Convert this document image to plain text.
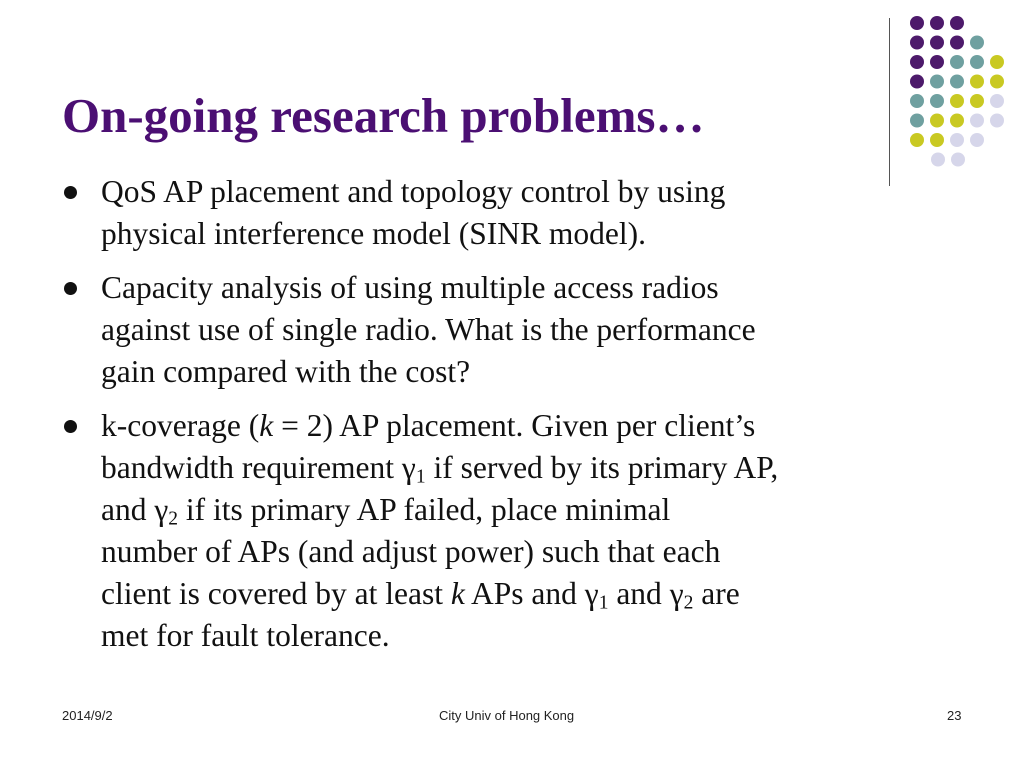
On-going research problems…
QoS AP placement and topology control by using
physical interference model (SINR model).
Capacity analysis of using multiple access radios
against use of single radio. What is the performance
gain compared with the cost?
k-coverage (k = 2) AP placement. Given per client’s
bandwidth requirement $\gamma_1$ if served by its primary AP,
and $\gamma_2$ if its primary AP failed, place minimal
number of APs (and adjust power) such that each
client is covered by at least k APs and $\gamma_1$ and $\gamma_2$ are
met for fault tolerance.
2014/9/2	City Univ of Hong Kong	23
